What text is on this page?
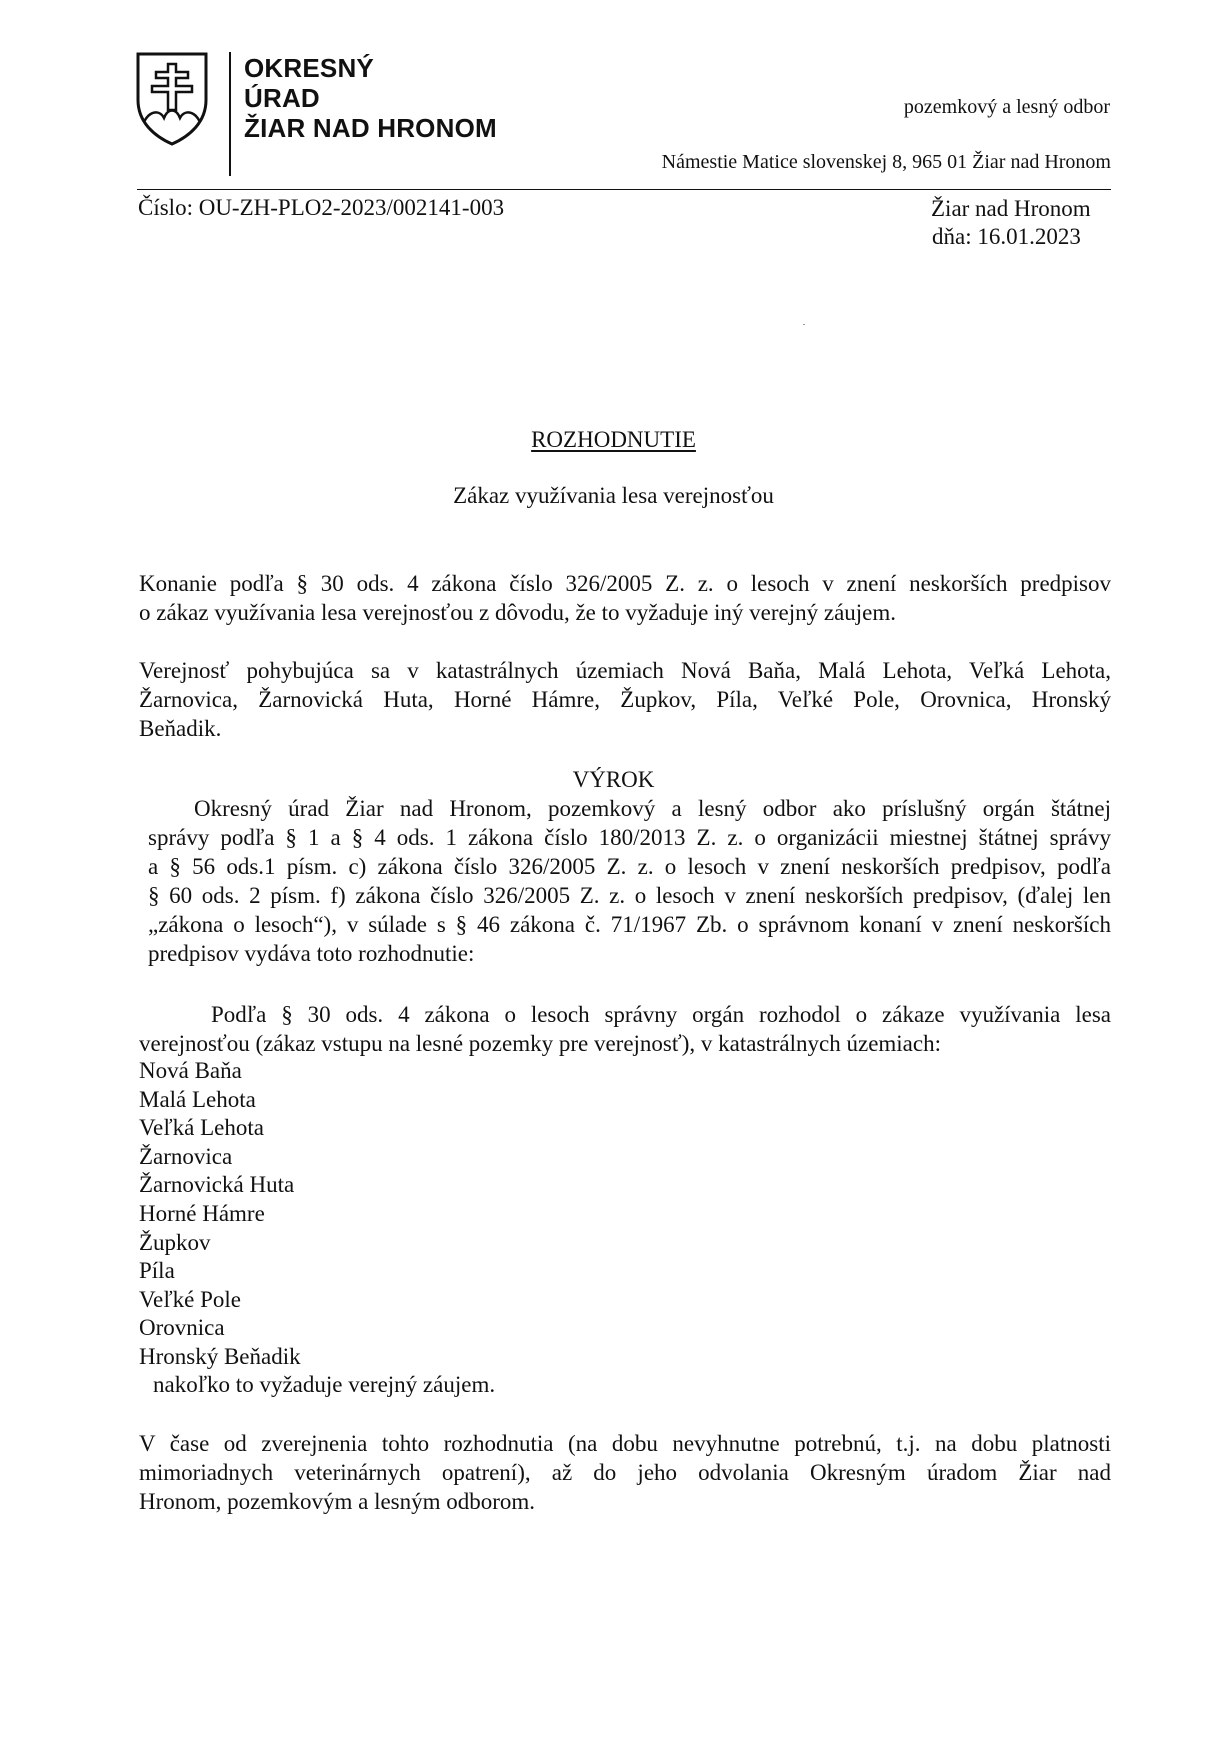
OKRESNÝ
ÚRAD
ŽIAR NAD HRONOM
pozemkový a lesný odbor
Námestie Matice slovenskej 8, 965 01 Žiar nad Hronom
Číslo: OU-ZH-PLO2-2023/002141-003	Žiar nad Hronom
dňa: 16.01.2023
ROZHODNUTIE
Zákaz využívania lesa verejnosťou
Konanie podľa § 30 ods. 4 zákona číslo 326/2005 Z. z. o lesoch v znení neskorších predpisov
o zákaz využívania lesa verejnosťou z dôvodu, že to vyžaduje iný verejný záujem.
Verejnosť pohybujúca sa v katastrálnych územiach Nová Baňa, Malá Lehota, Veľká Lehota,
Žarnovica, Žarnovická Huta, Horné Hámre, Župkov, Píla, Veľké Pole, Orovnica, Hronský
Beňadik.
VÝROK
Okresný úrad Žiar nad Hronom, pozemkový a lesný odbor ako príslušný orgán štátnej
správy podľa § 1 a § 4 ods. 1 zákona číslo 180/2013 Z. z. o organizácii miestnej štátnej správy
a § 56 ods.1 písm. c) zákona číslo 326/2005 Z. z. o lesoch v znení neskorších predpisov, podľa
§ 60 ods. 2 písm. f) zákona číslo 326/2005 Z. z. o lesoch v znení neskorších predpisov, (ďalej len
„zákona o lesoch“), v súlade s § 46 zákona č. 71/1967 Zb. o správnom konaní v znení neskorších
predpisov vydáva toto rozhodnutie:
Podľa § 30 ods. 4 zákona o lesoch správny orgán rozhodol o zákaze využívania lesa
verejnosťou (zákaz vstupu na lesné pozemky pre verejnosť), v katastrálnych územiach:
Nová Baňa
Malá Lehota
Veľká Lehota
Žarnovica
Žarnovická Huta
Horné Hámre
Župkov
Píla
Veľké Pole
Orovnica
Hronský Beňadik
nakoľko to vyžaduje verejný záujem.
V čase od zverejnenia tohto rozhodnutia (na dobu nevyhnutne potrebnú, t.j. na dobu platnosti
mimoriadnych veterinárnych opatrení), až do jeho odvolania Okresným úradom Žiar nad
Hronom, pozemkovým a lesným odborom.
